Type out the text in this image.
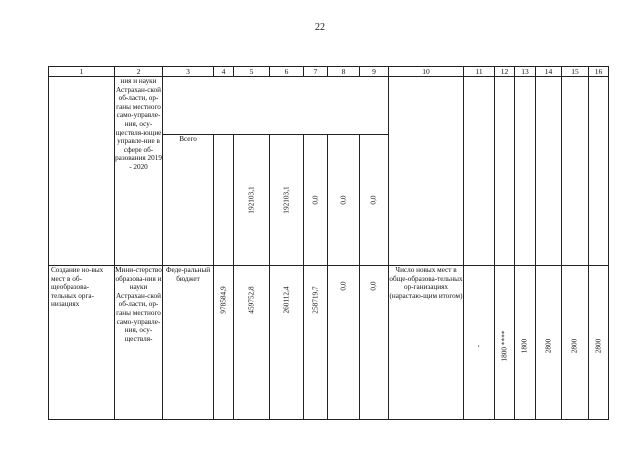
22
1	2	3	4	5	6	7	8	9	10	11	12	13	14	15	16	
	ния и науки Астрахан-ской об-ласти, ор-ганы местного само-управле-ния, осу-ществля-ющие управле-ние в сфере об-разования 2019 - 2020															
		Всего		192103,1	192103,1	0,0	0,0	0,0

Создание но-вых мест в об-щеобразова-тельных орга-низациях	Мини-стерство образова-ния и науки Астрахан-ской об-ласти, ор-ганы местного само-управле-ния, осу-ществля-	Феде-ральный бюджет	978584,9	459752,8	260112,4	258719,7	0,0	0,0	Число новых мест в обще-образова-тельных ор-ганизациях (нарастаю-щим итогом)	-	1800 ****	1800	2800	2800	2800	
